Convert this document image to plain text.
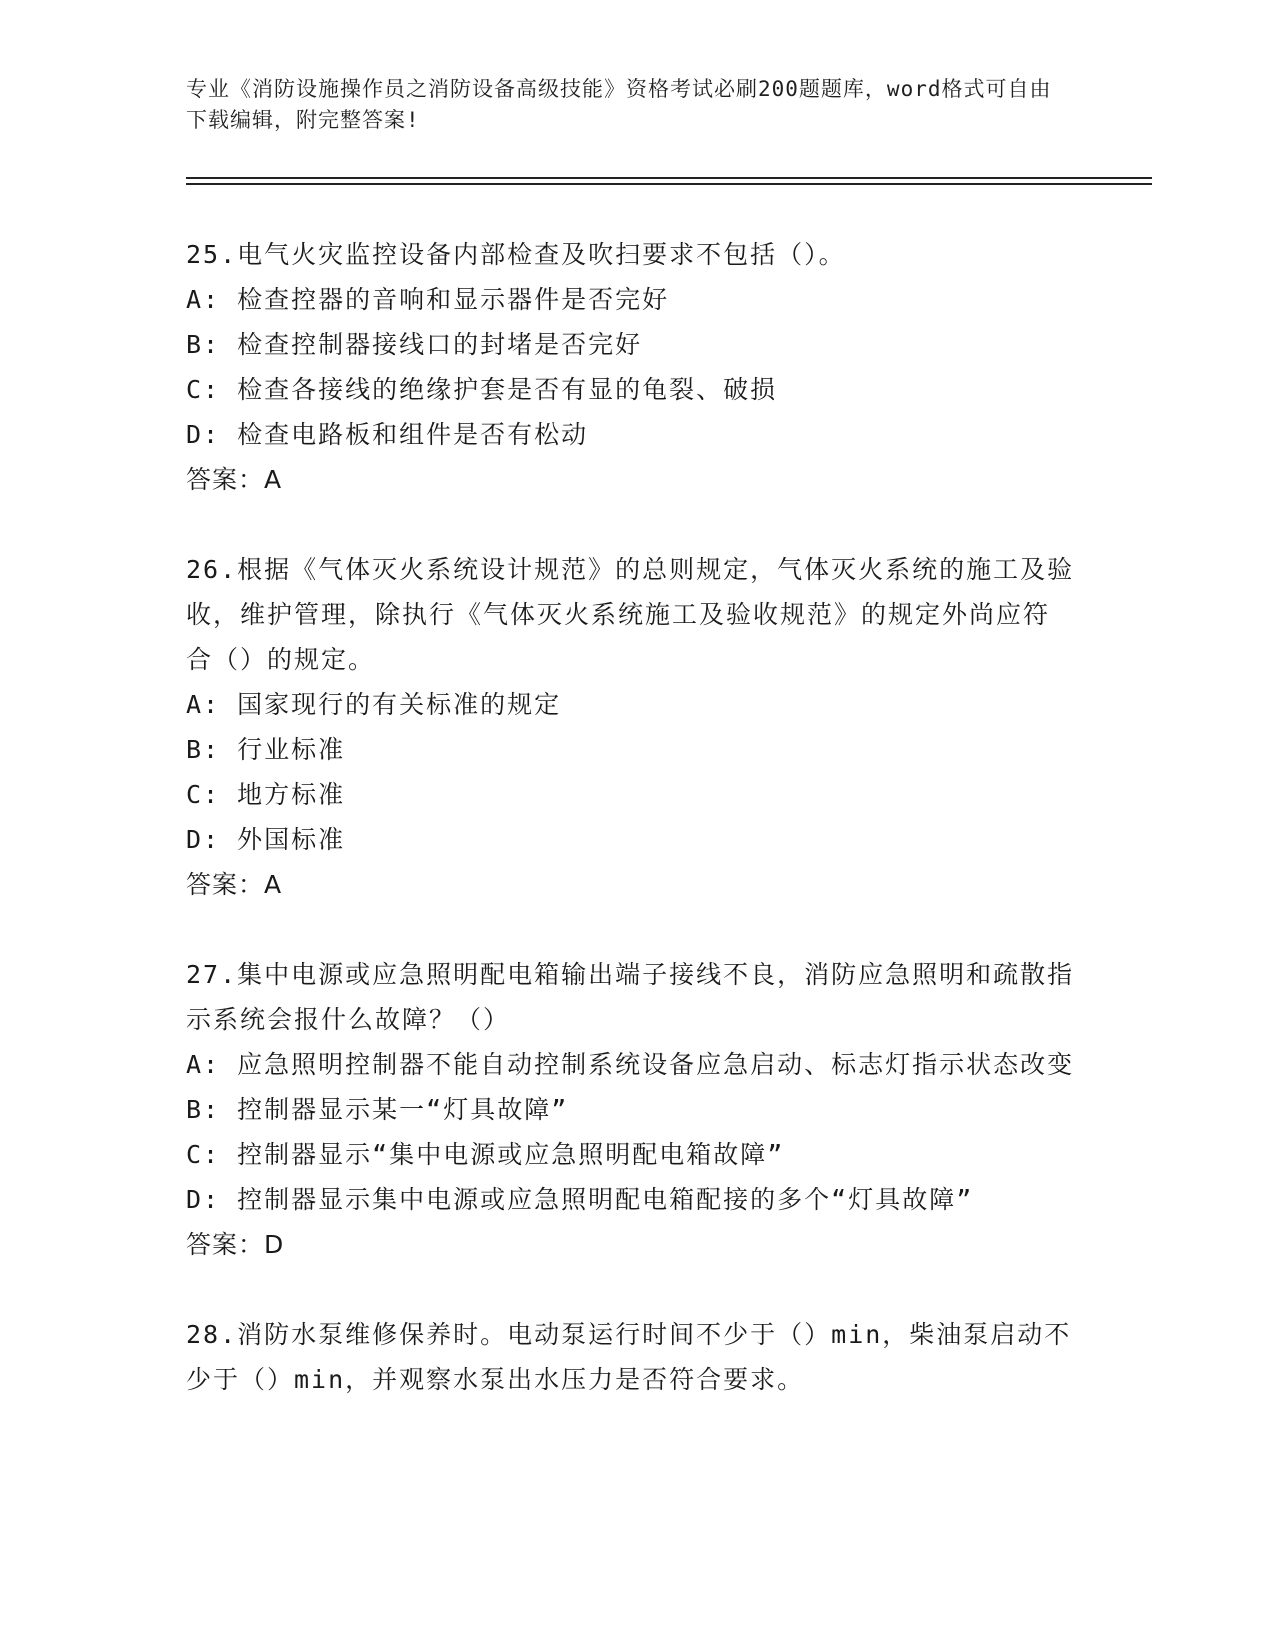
专业《消防设施操作员之消防设备高级技能》资格考试必刷200题题库，word格式可自由下载编辑，附完整答案!
25.电气火灾监控设备内部检查及吹扫要求不包括（）。
A: 检查控器的音响和显示器件是否完好
B: 检查控制器接线口的封堵是否完好
C: 检查各接线的绝缘护套是否有显的龟裂、破损
D: 检查电路板和组件是否有松动
答案：A
26.根据《气体灭火系统设计规范》的总则规定，气体灭火系统的施工及验收，维护管理，除执行《气体灭火系统施工及验收规范》的规定外尚应符合（）的规定。
A: 国家现行的有关标准的规定
B: 行业标准
C: 地方标准
D: 外国标准
答案：A
27.集中电源或应急照明配电箱输出端子接线不良，消防应急照明和疏散指示系统会报什么故障？（）
A: 应急照明控制器不能自动控制系统设备应急启动、标志灯指示状态改变
B: 控制器显示某一“灯具故障”
C: 控制器显示“集中电源或应急照明配电箱故障”
D: 控制器显示集中电源或应急照明配电箱配接的多个“灯具故障”
答案：D
28.消防水泵维修保养时。电动泵运行时间不少于（）min，柴油泵启动不少于（）min，并观察水泵出水压力是否符合要求。
